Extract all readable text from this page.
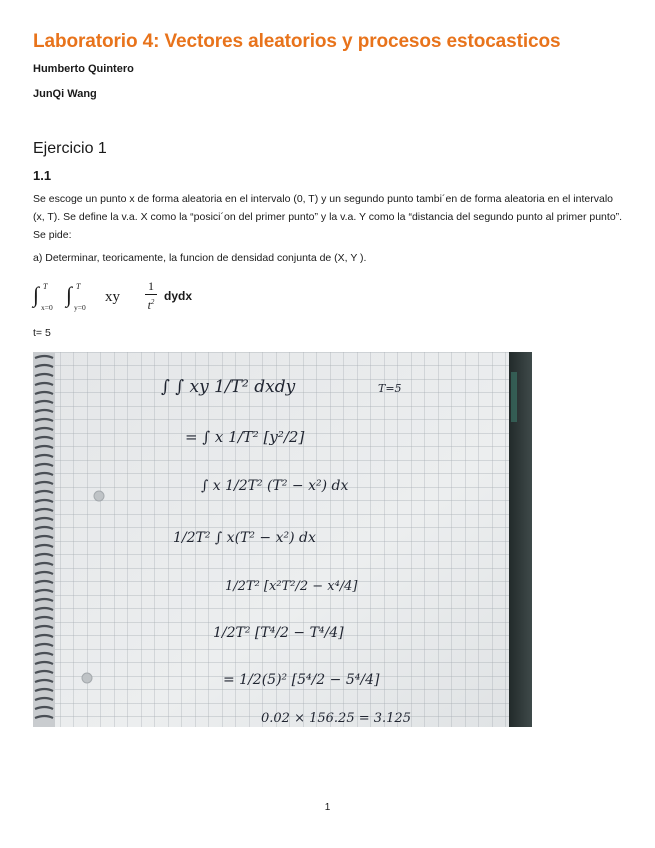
Laboratorio 4: Vectores aleatorios y procesos estocasticos

Humberto Quintero

JunQi Wang

Ejercicio 1
1.1

Se escoge un punto x de forma aleatoria en el intervalo (0, T) y un segundo punto tambi´en de forma aleatoria en el intervalo (x, T). Se define la v.a. X como la “posici´on del primer punto” y la v.a. Y como la “distancia del segundo punto al primer punto”. Se pide:

a) Determinar, teoricamente, la funcion de densidad conjunta de (X, Y ).

∫ T
x=0
∫ T
y=0
xy
1
$t^2$ dydx

t= 5

∫ ∫ xy 1/T² dxdy	T=5
= ∫ x 1/T² [y²/2]
∫ x 1/2T² (T² − x²) dx
1/2T² ∫ x(T² − x²) dx
1/2T² [x²T²/2 − x⁴/4]
1/2T² [T⁴/2 − T⁴/4]
= 1/2(5)² [5⁴/2 − 5⁴/4]
0.02 × 156.25 = 3.125

1
